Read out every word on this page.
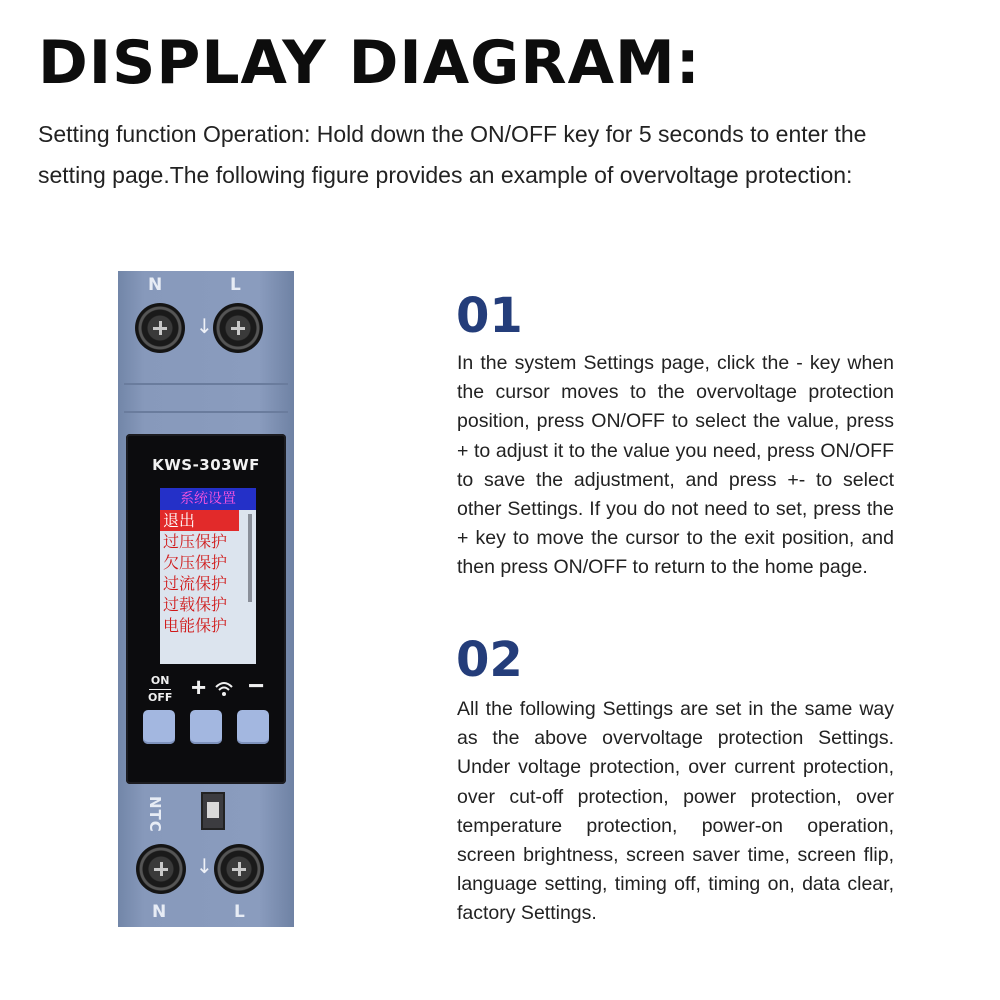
DISPLAY DIAGRAM:
Setting function Operation: Hold down the ON/OFF key for 5 seconds to enter the setting page.The following figure provides an example of overvoltage protection:
N	L
↓
KWS-303WF
系统设置
退出
过压保护
欠压保护
过流保护
过载保护
电能保护
ON
OFF + −
NTC
↓
N	L
01
In the system Settings page, click the - key when the cursor moves to the overvoltage protection position, press ON/OFF to select the value, press + to adjust it to the value you need, press ON/OFF to save the adjustment, and press +- to select other Settings. If you do not need to set, press the + key to move the cursor to the exit position, and then press ON/OFF to return to the home page.
02
All the following Settings are set in the same way as the above overvoltage protection Settings. Under voltage protection, over current protection, over cut-off protection, power protection, over temperature protection, power-on operation, screen brightness, screen saver time, screen flip, language setting, timing off, timing on, data clear, factory Settings.
